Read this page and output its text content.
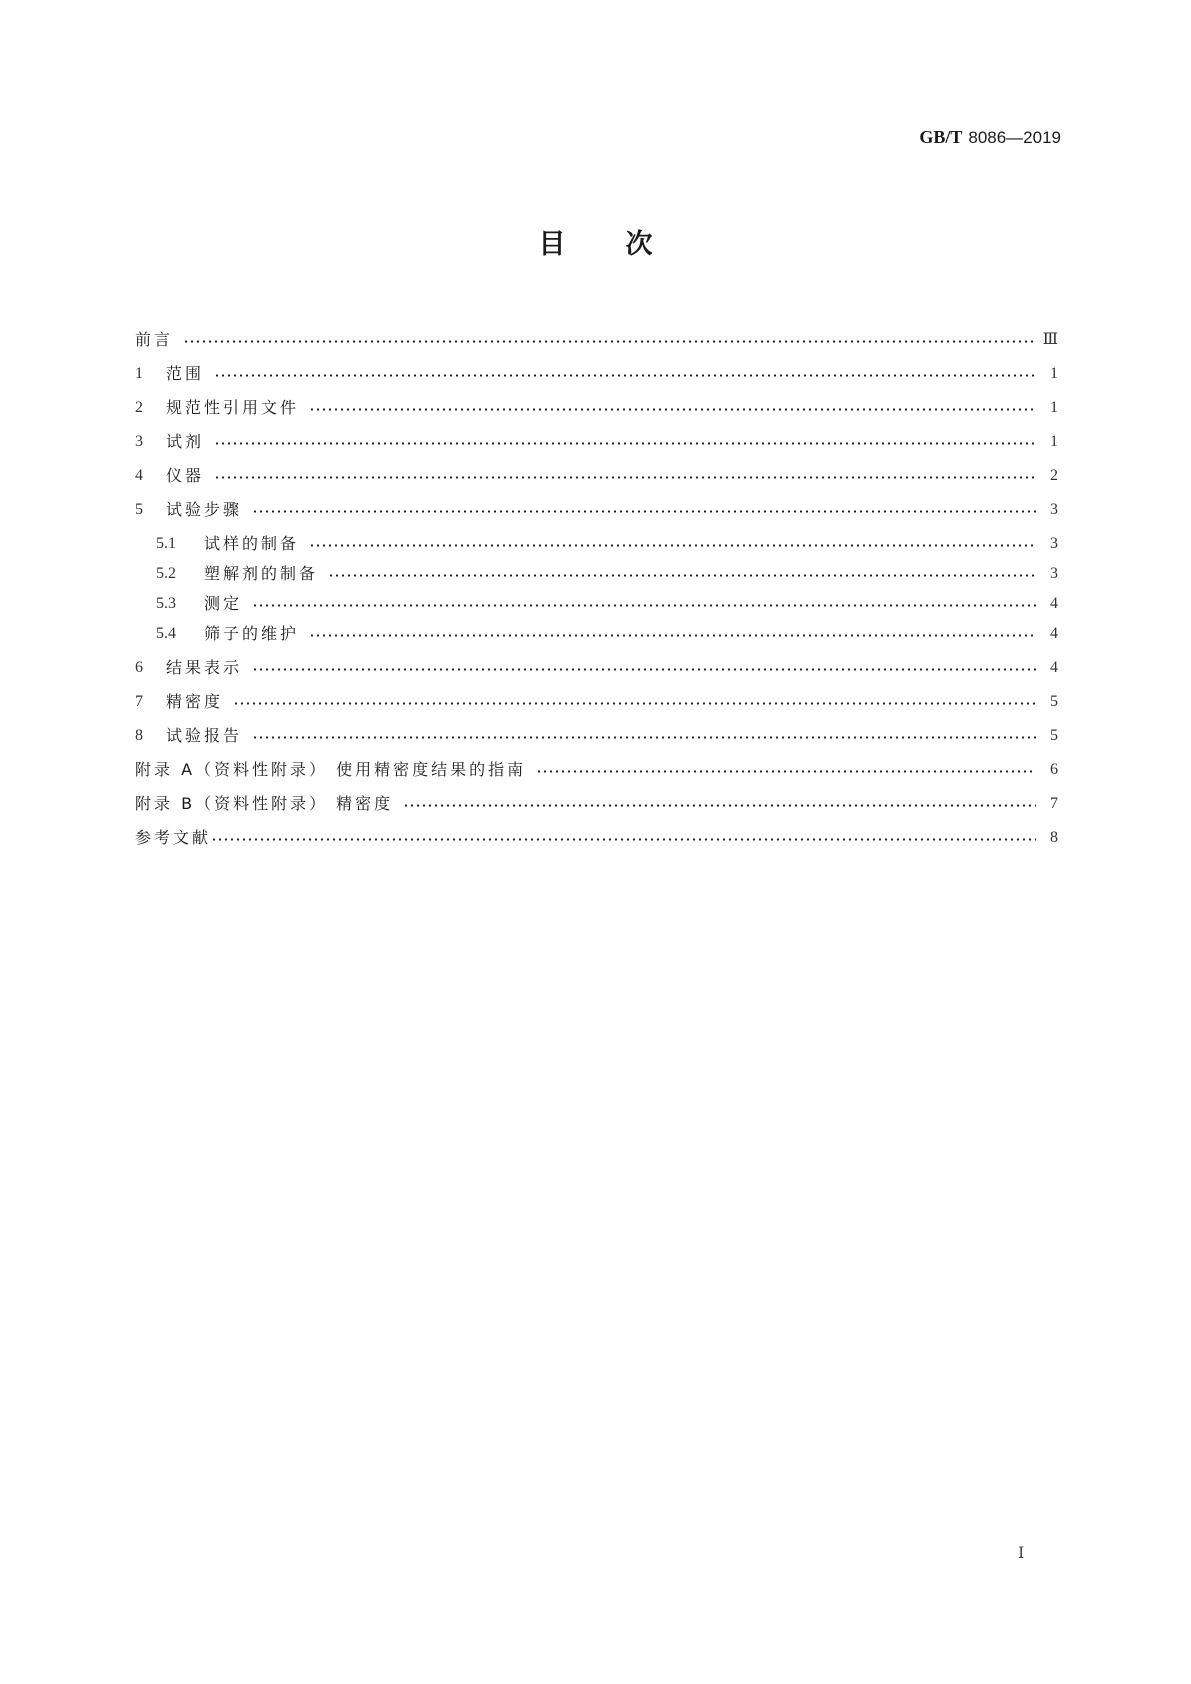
GB/T 8086—2019
目 次
前言	Ⅲ
1	范围	1
2	规范性引用文件	1
3	试剂	1
4	仪器	2
5	试验步骤	3
5.1	试样的制备	3
5.2	塑解剂的制备	3
5.3	测定	4
5.4	筛子的维护	4
6	结果表示	4
7	精密度	5
8	试验报告	5
附录 A（资料性附录） 使用精密度结果的指南	6
附录 B（资料性附录） 精密度	7
参考文献	8
Ⅰ
